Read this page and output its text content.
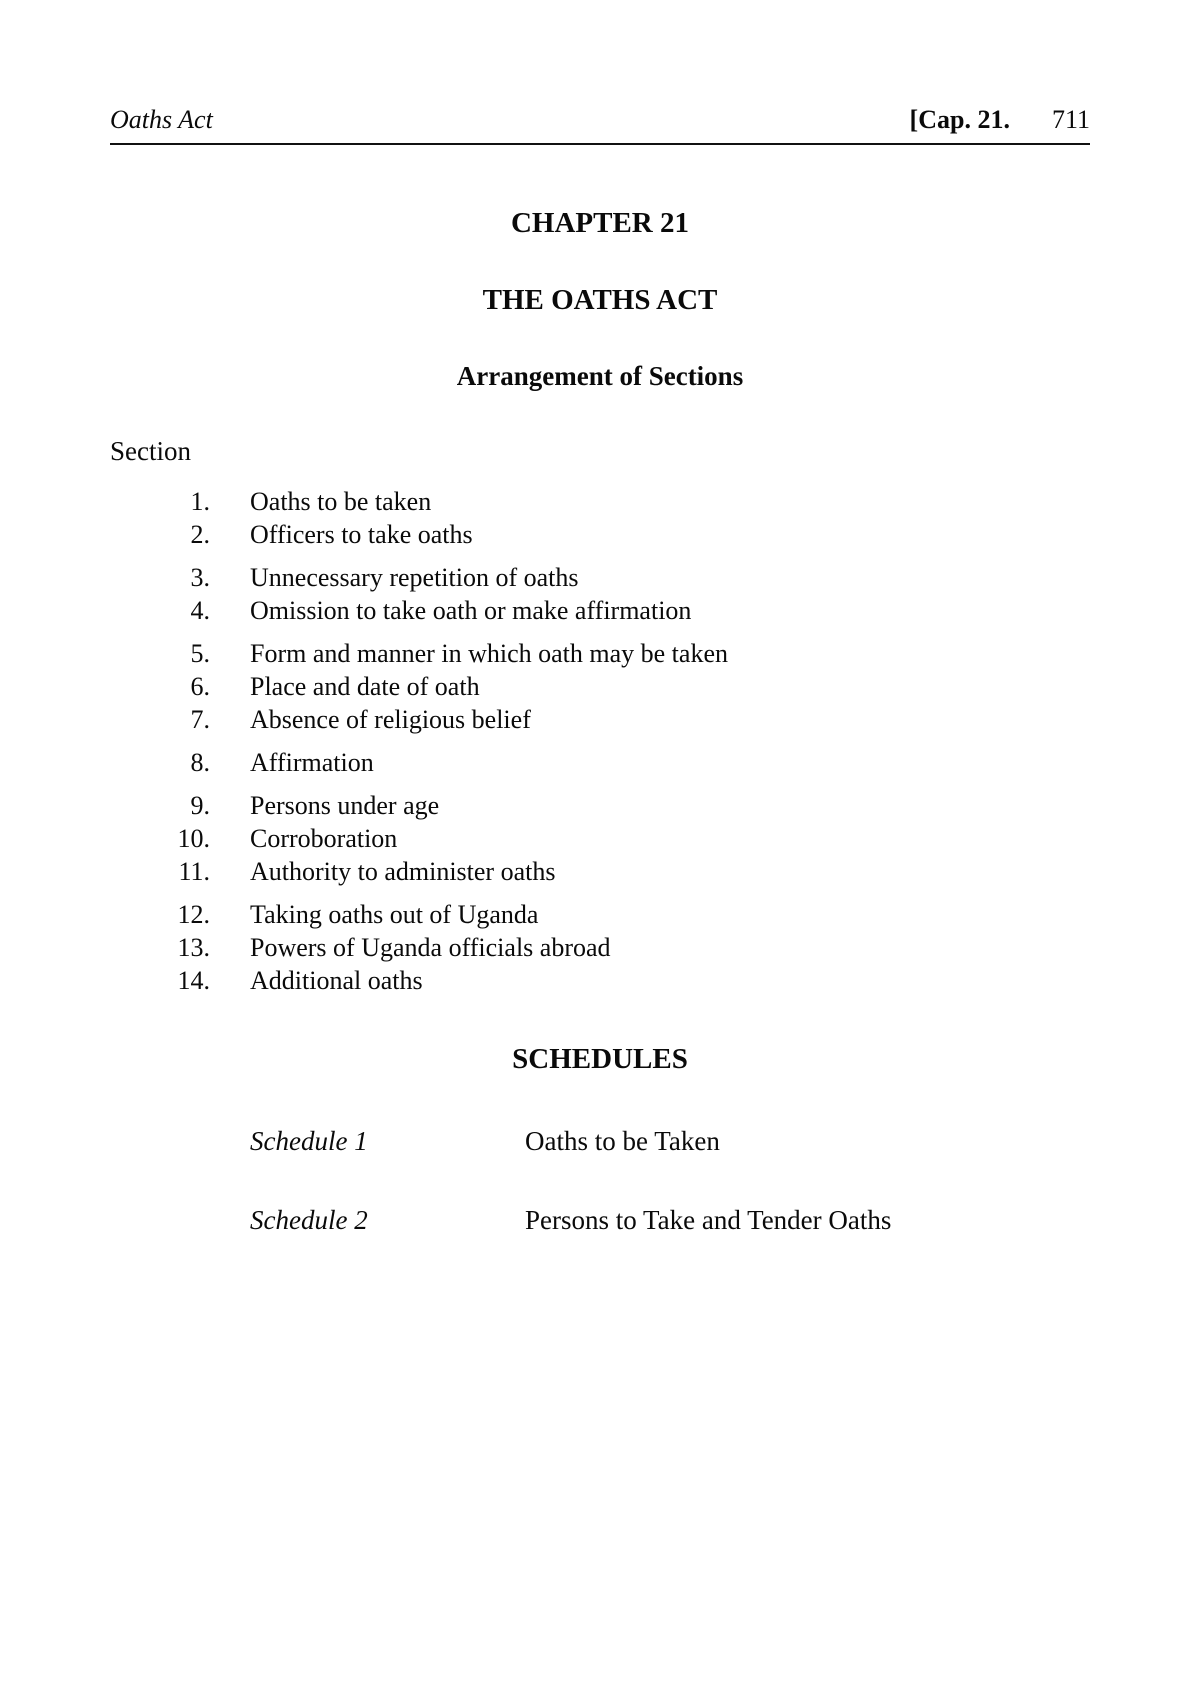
Oaths Act	[Cap. 21. 711
CHAPTER 21
THE OATHS ACT
Arrangement of Sections
Section
1. Oaths to be taken
2. Officers to take oaths
3. Unnecessary repetition of oaths
4. Omission to take oath or make affirmation
5. Form and manner in which oath may be taken
6. Place and date of oath
7. Absence of religious belief
8. Affirmation
9. Persons under age
10. Corroboration
11. Authority to administer oaths
12. Taking oaths out of Uganda
13. Powers of Uganda officials abroad
14. Additional oaths
SCHEDULES
Schedule 1	Oaths to be Taken
Schedule 2	Persons to Take and Tender Oaths
